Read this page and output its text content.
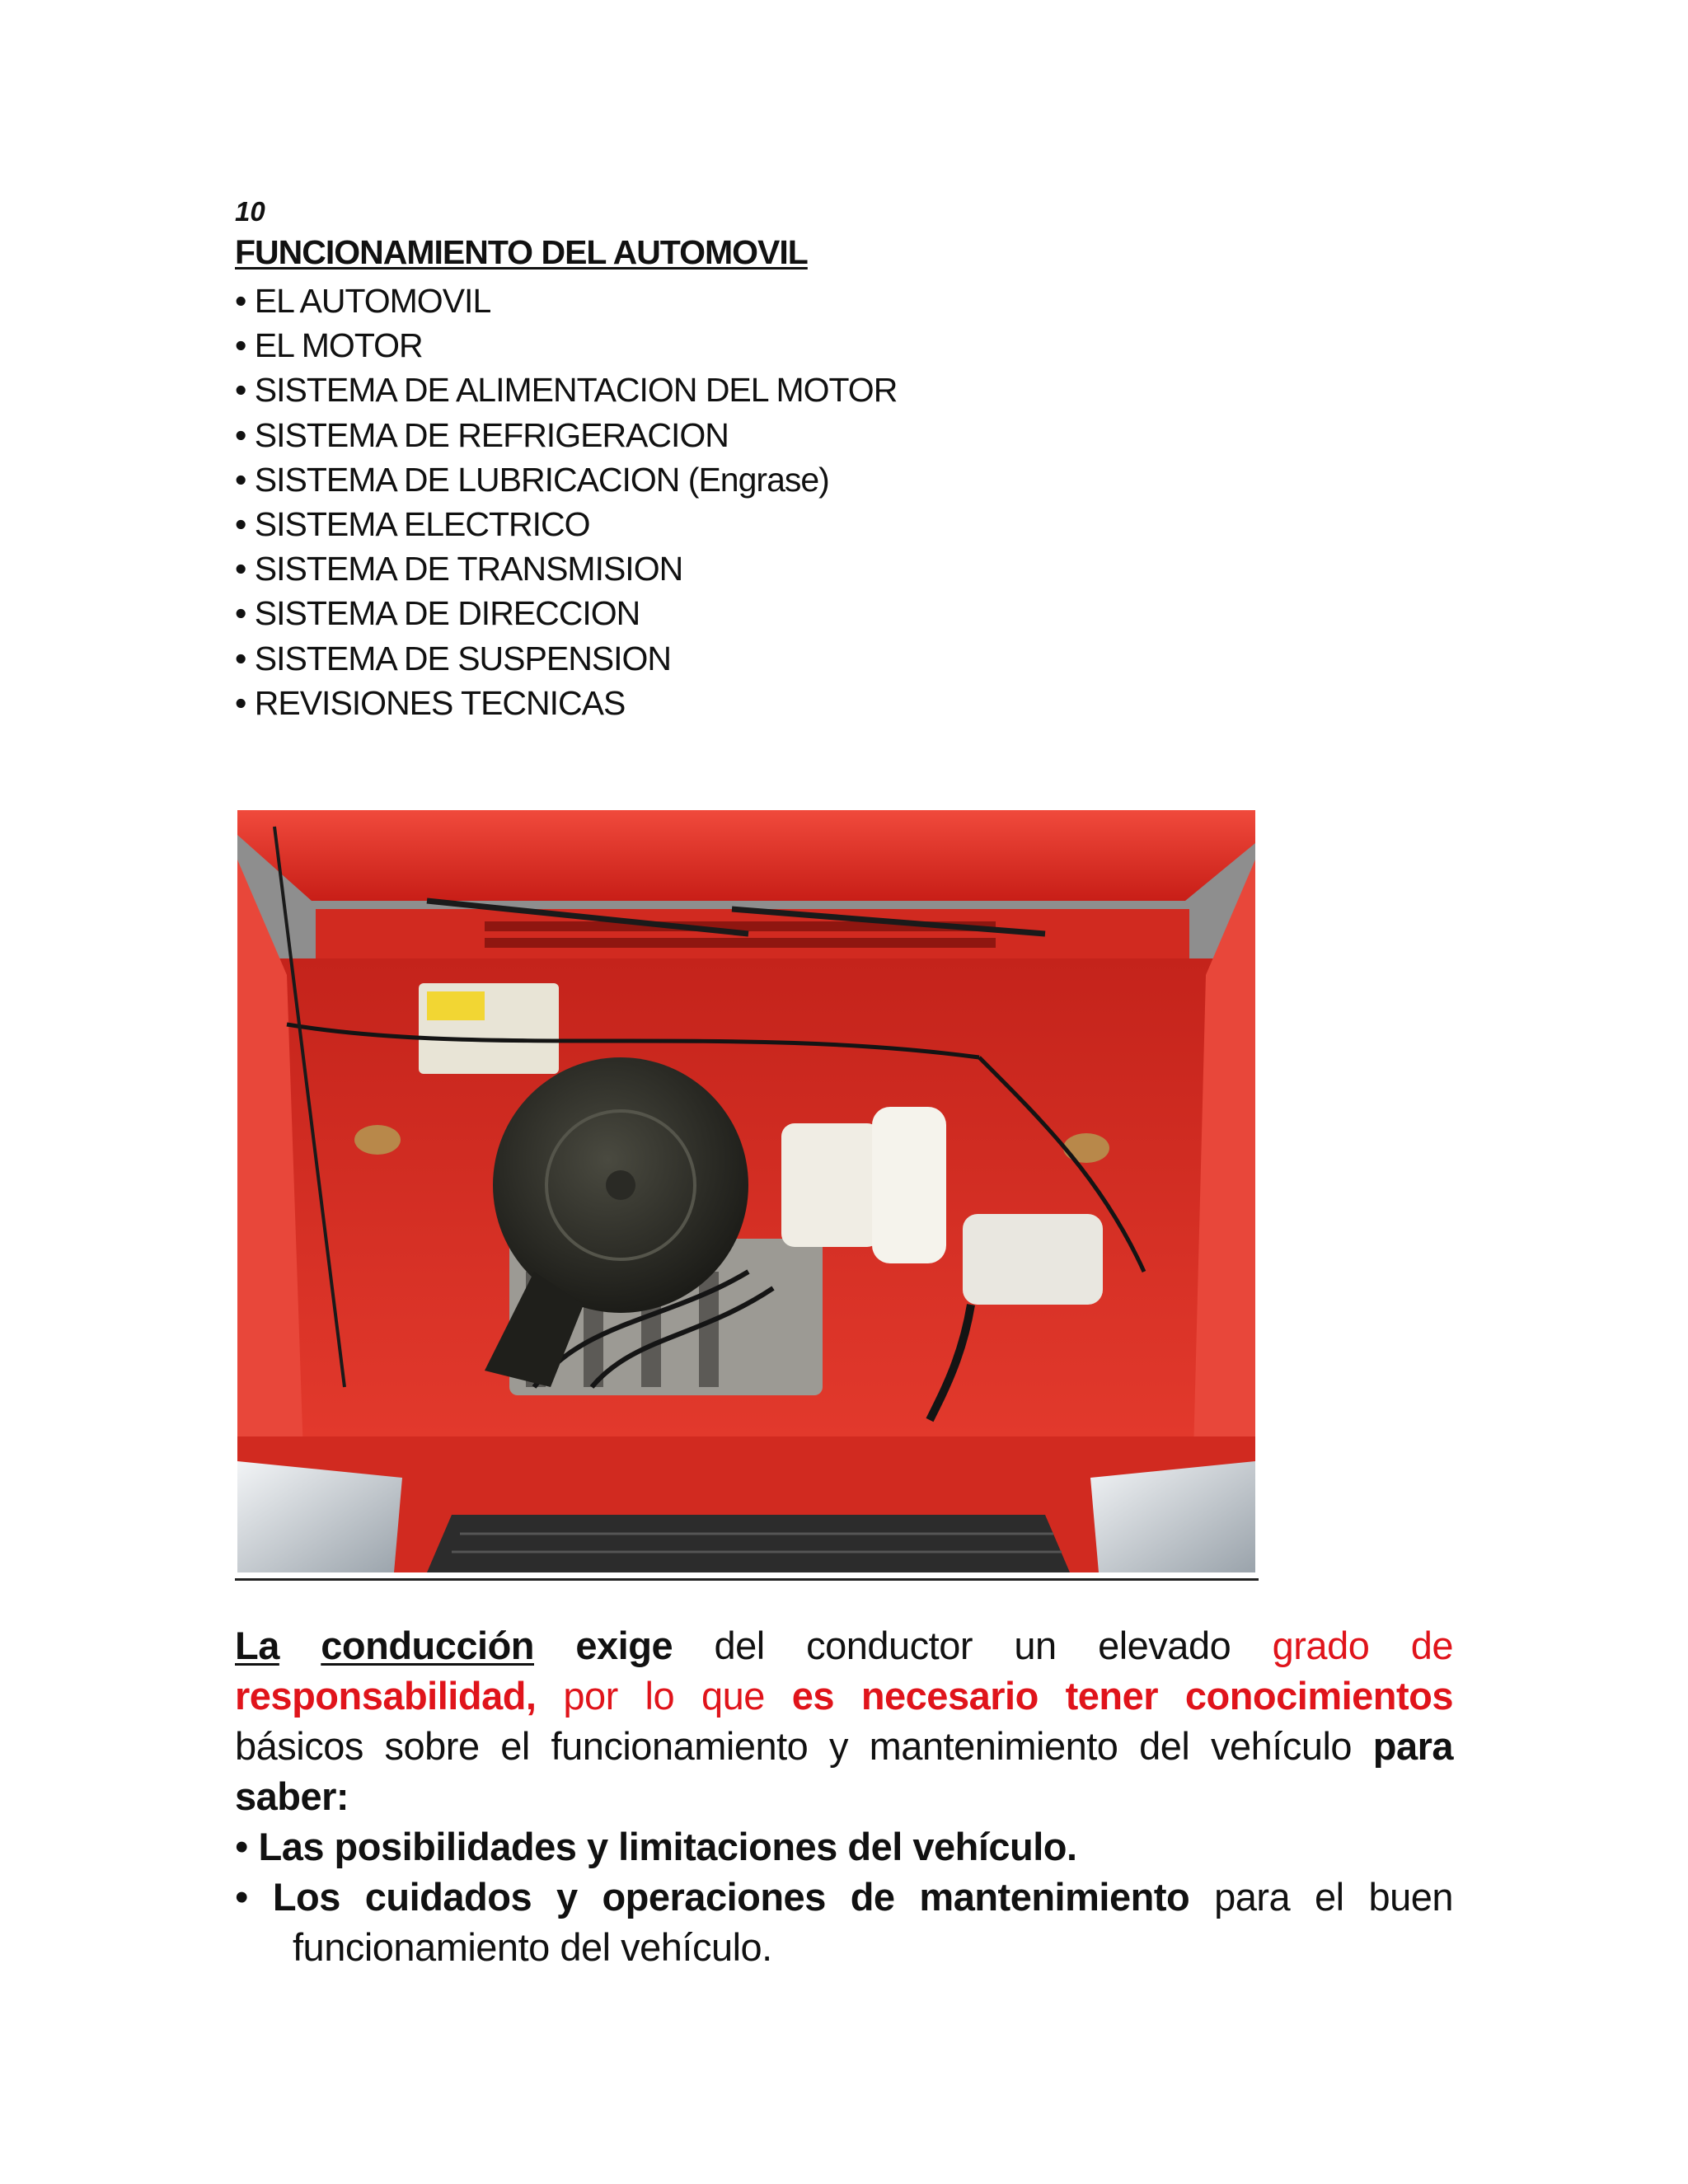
10
FUNCIONAMIENTO DEL AUTOMOVIL
• EL AUTOMOVIL
• EL MOTOR
• SISTEMA DE ALIMENTACION DEL MOTOR
• SISTEMA DE REFRIGERACION
• SISTEMA DE LUBRICACION (Engrase)
• SISTEMA ELECTRICO
• SISTEMA DE TRANSMISION
• SISTEMA DE DIRECCION
• SISTEMA DE SUSPENSION
• REVISIONES TECNICAS

La conducción exige del conductor un elevado grado de responsabilidad, por lo que es necesario tener conocimientos básicos sobre el funcionamiento y mantenimiento del vehículo para saber:

• Las posibilidades y limitaciones del vehículo.

• Los cuidados y operaciones de mantenimiento para el buen

funcionamiento del vehículo.
